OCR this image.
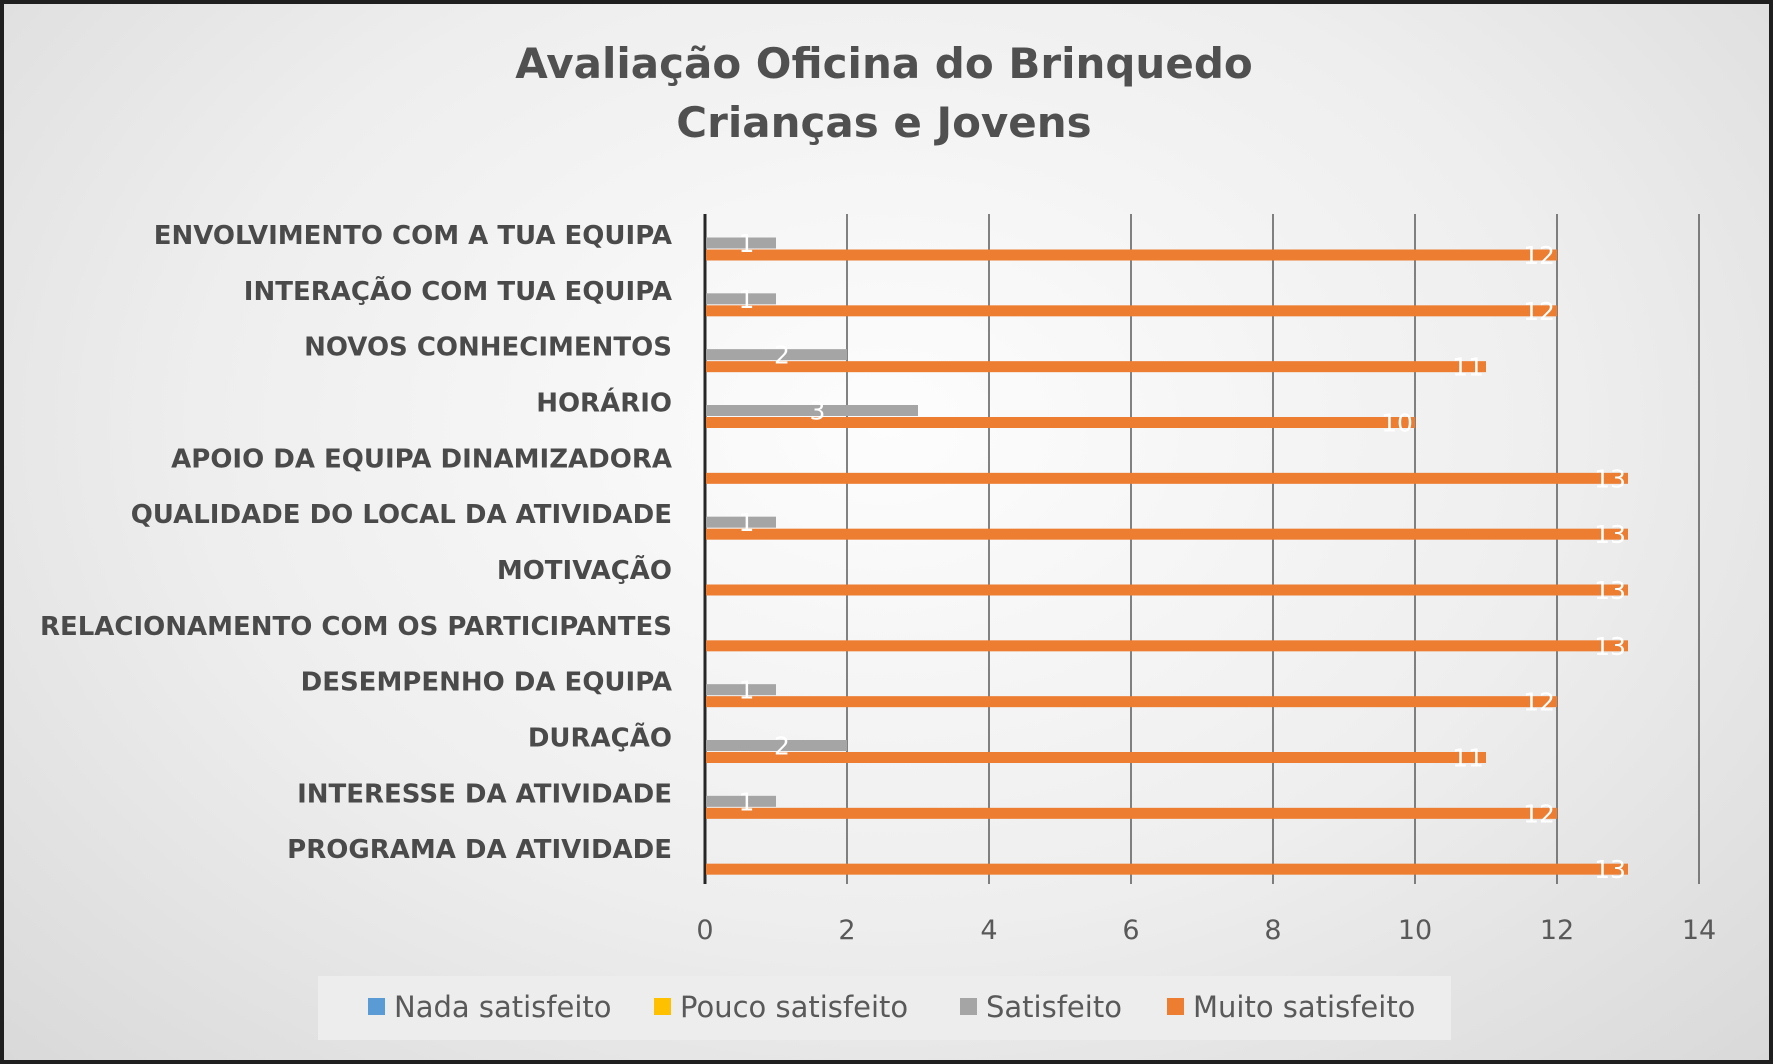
Avaliação Oficina do Brinquedo
Crianças e Jovens
ENVOLVIMENTO COM A TUA EQUIPA
INTERAÇÃO COM TUA EQUIPA
NOVOS CONHECIMENTOS
HORÁRIO
APOIO DA EQUIPA DINAMIZADORA
QUALIDADE DO LOCAL DA ATIVIDADE
MOTIVAÇÃO
RELACIONAMENTO COM OS PARTICIPANTES
DESEMPENHO DA EQUIPA
DURAÇÃO
INTERESSE DA ATIVIDADE
PROGRAMA DA ATIVIDADE
1	12
1	12
2	11
3	10
13
1	13
13
13
1	12
2	11
1	12
13
0	2	4	6	8	10	12	14
Nada satisfeito Pouco satisfeito	Satisfeito Muito satisfeito
